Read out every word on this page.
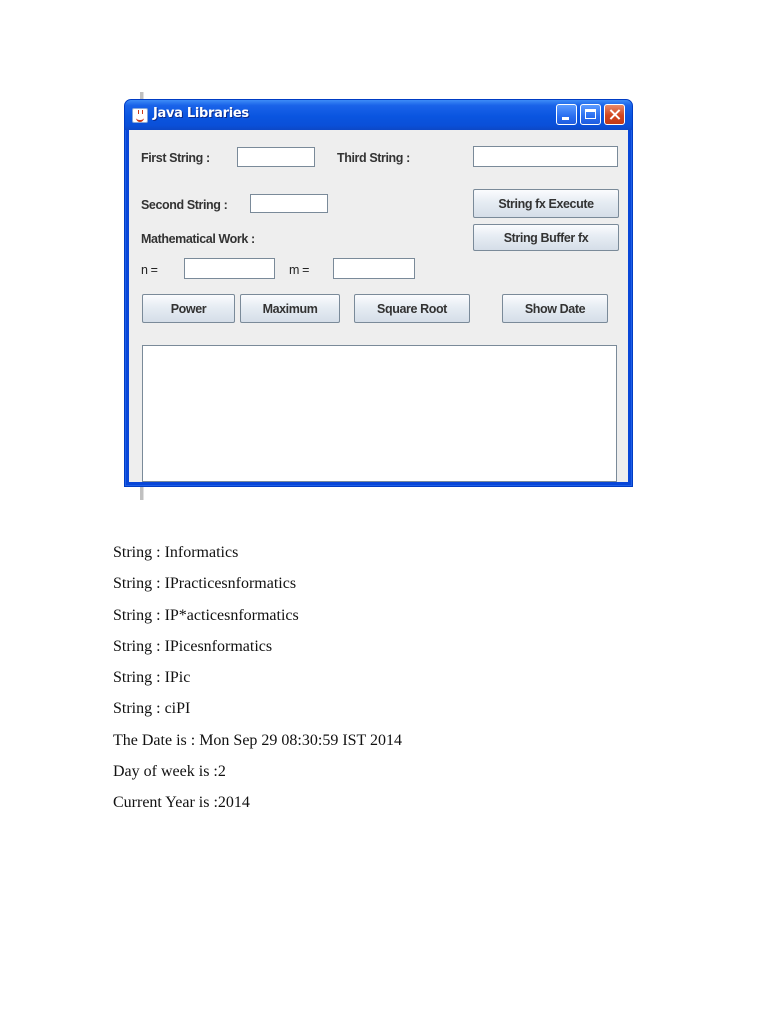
Java Libraries
First String :	Third String :
Second String :	String fx Execute
String Buffer fx
Mathematical Work :
n =	m =
Power	Maximum	Square Root	Show Date
String : Informatics
String : IPracticesnformatics
String : IP*acticesnformatics
String : IPicesnformatics
String : IPic
String : ciPI
The Date is : Mon Sep 29 08:30:59 IST 2014
Day of week is :2
Current Year is :2014
